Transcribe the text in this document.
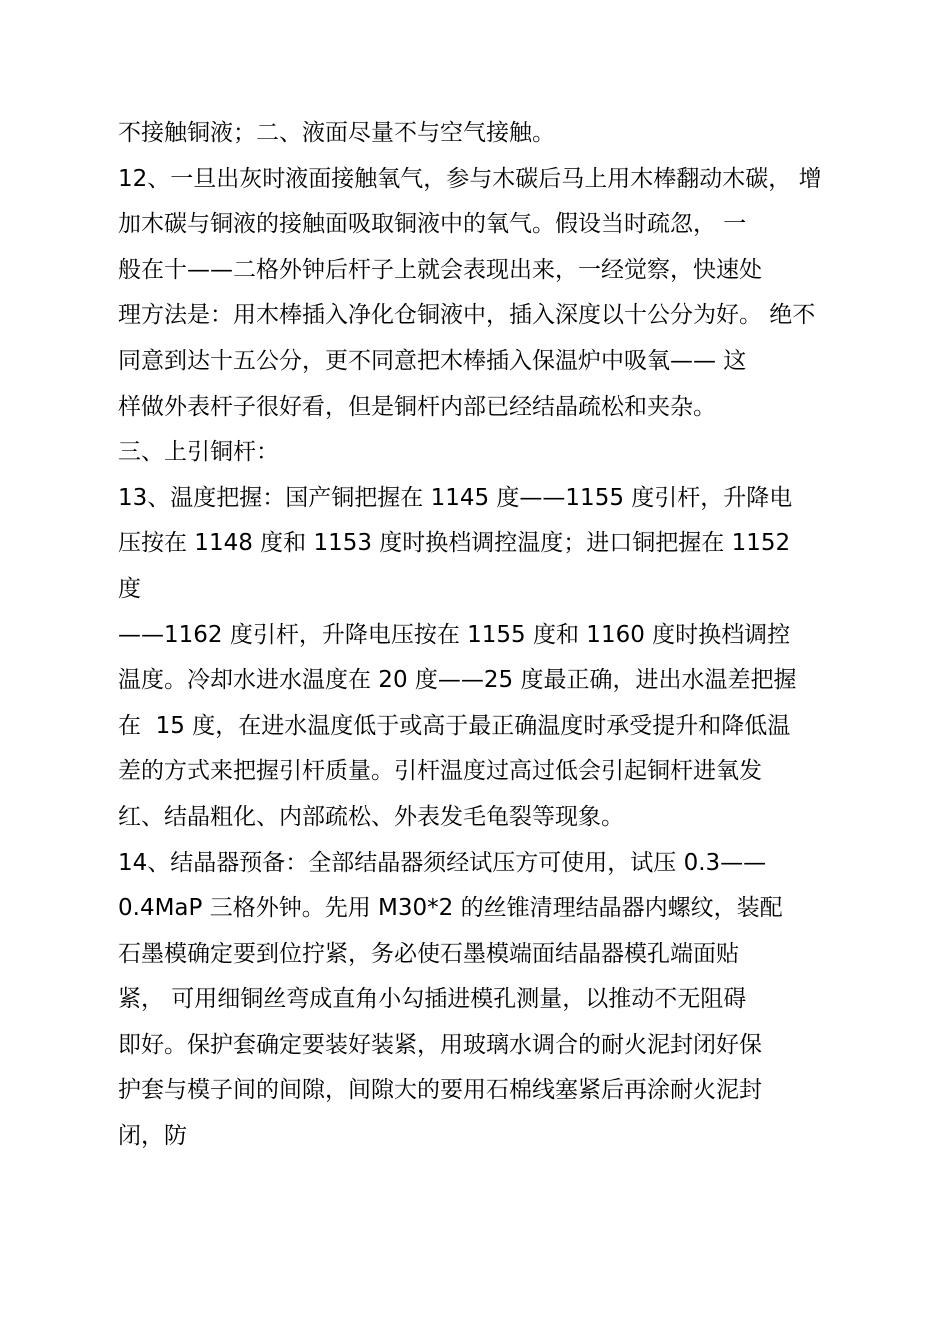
不接触铜液；二、液面尽量不与空气接触。
12、一旦出灰时液面接触氧气，参与木碳后马上用木棒翻动木碳， 增
加木碳与铜液的接触面吸取铜液中的氧气。假设当时疏忽， 一
般在十——二格外钟后杆子上就会表现出来，一经觉察，快速处
理方法是：用木棒插入净化仓铜液中，插入深度以十公分为好。 绝不
同意到达十五公分，更不同意把木棒插入保温炉中吸氧—— 这
样做外表杆子很好看，但是铜杆内部已经结晶疏松和夹杂。
三、上引铜杆：
13、温度把握：国产铜把握在 1145 度——1155 度引杆，升降电
压按在 1148 度和 1153 度时换档调控温度；进口铜把握在 1152
度
——1162 度引杆，升降电压按在 1155 度和 1160 度时换档调控
温度。冷却水进水温度在 20 度——25 度最正确，进出水温差把握
在  15 度，在进水温度低于或高于最正确温度时承受提升和降低温
差的方式来把握引杆质量。引杆温度过高过低会引起铜杆进氧发
红、结晶粗化、内部疏松、外表发毛龟裂等现象。
14、结晶器预备：全部结晶器须经试压方可使用，试压 0.3——
0.4MaP 三格外钟。先用 M30*2 的丝锥清理结晶器内螺纹，装配
石墨模确定要到位拧紧，务必使石墨模端面结晶器模孔端面贴
紧， 可用细铜丝弯成直角小勾插进模孔测量，以推动不无阻碍
即好。保护套确定要装好装紧，用玻璃水调合的耐火泥封闭好保
护套与模子间的间隙，间隙大的要用石棉线塞紧后再涂耐火泥封
闭，防
